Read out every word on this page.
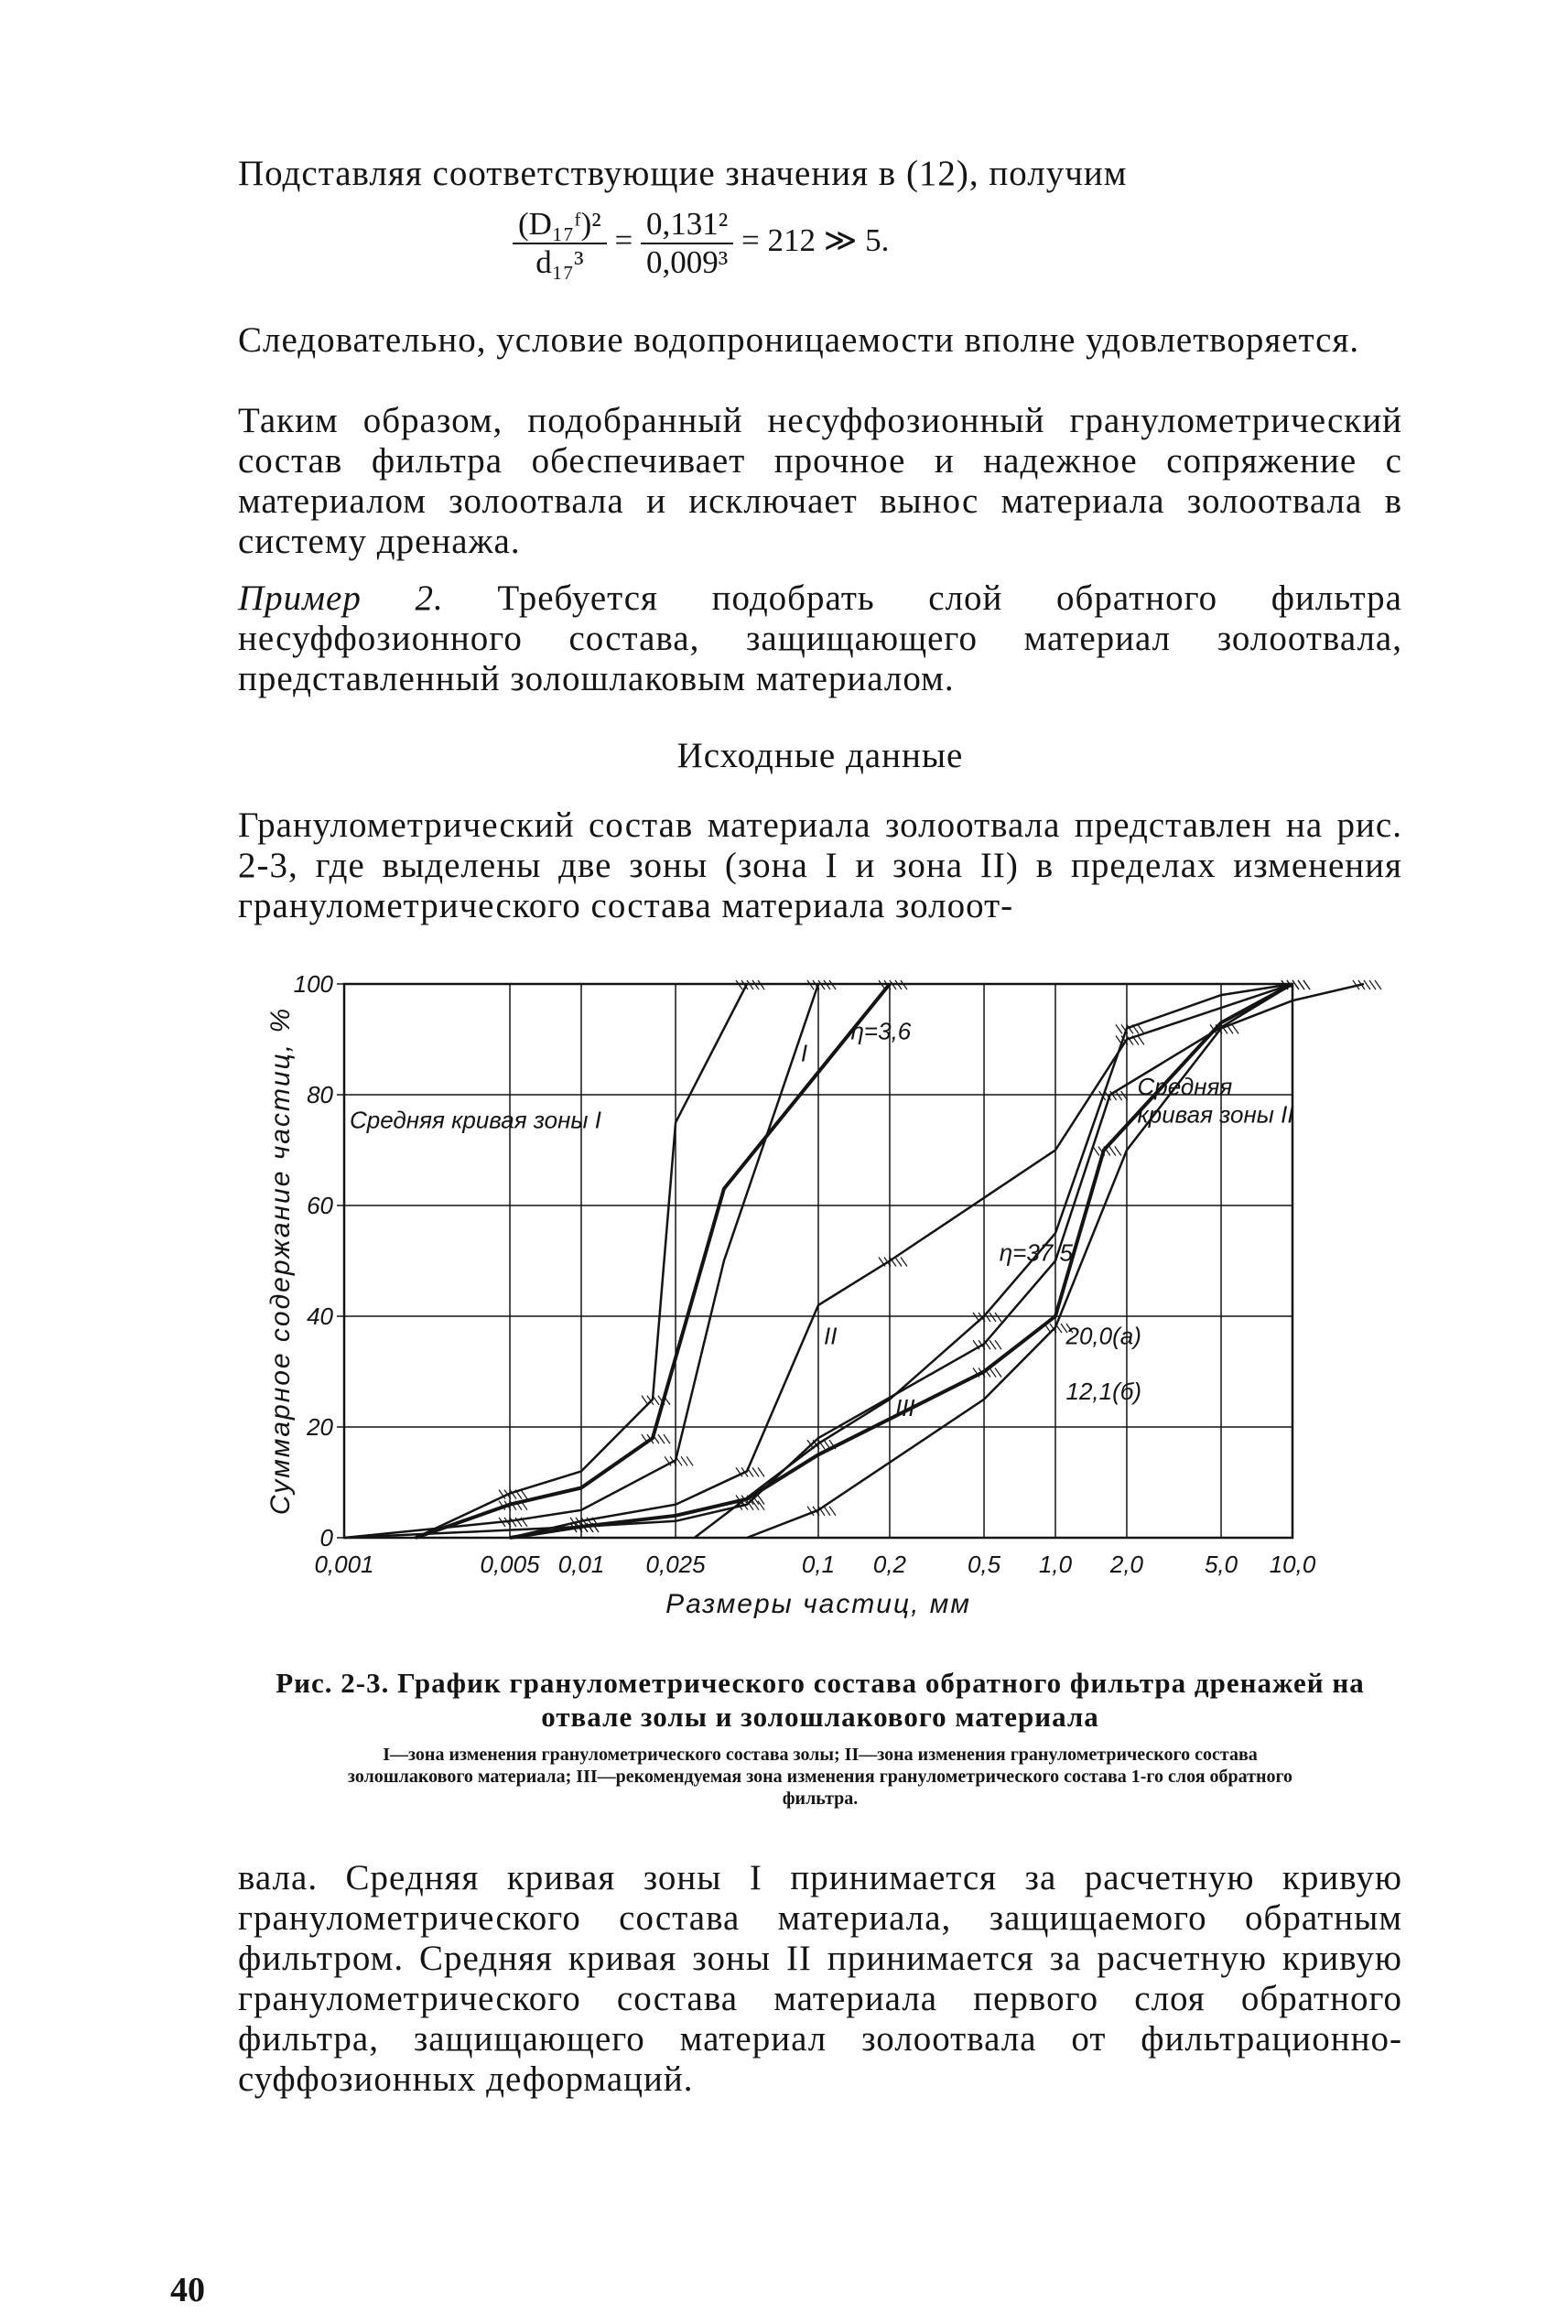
Подставляя соответствующие значения в (12), получим

$\frac{\text{(D₁₇ᶠ)²}}{\text{d₁₇³}} = \frac{\text{0,131²}}{\text{0,009³}} = 212$ ≫ 5.

Следовательно, условие водопроницаемости вполне удовлетворяется.

Таким образом, подобранный несуффозионный гранулометрический состав фильтра обеспечивает прочное и надежное сопряжение с материалом золоотвала и исключает вынос материала золоотвала в систему дренажа.

Пример 2. Требуется подобрать слой обратного фильтра несуффозионного состава, защищающего материал золоотвала, представленный золошлаковым материалом.

Исходные данные

Гранулометрический состав материала золоотвала представлен на рис. 2-3, где выделены две зоны (зона I и зона II) в пределах изменения гранулометрического состава материала золоот-

0,001	0,005 0,01 0,025	0,1 0,2	0,5 1,0 2,0	5,0 10,0
0
20
40
60
80
100
Средняя кривая зоны I
Средняя
кривая зоны II
η=3,6
I
η=37,5
II
III
20,0(а)
12,1(б)
Размеры частиц, мм
Суммарное содержание частиц, %
Рис. 2-3. График гранулометрического состава обратного фильтра дренажей на отвале золы и золошлакового материала
I—зона изменения гранулометрического состава золы; II—зона изменения гранулометрического состава золошлакового материала; III—рекомендуемая зона изменения гранулометрического состава 1-го слоя обратного фильтра.

вала. Средняя кривая зоны I принимается за расчетную кривую гранулометрического состава материала, защищаемого обратным фильтром. Средняя кривая зоны II принимается за расчетную кривую гранулометрического состава материала первого слоя обратного фильтра, защищающего материал золоотвала от фильтрационно-суффозионных деформаций.

40
